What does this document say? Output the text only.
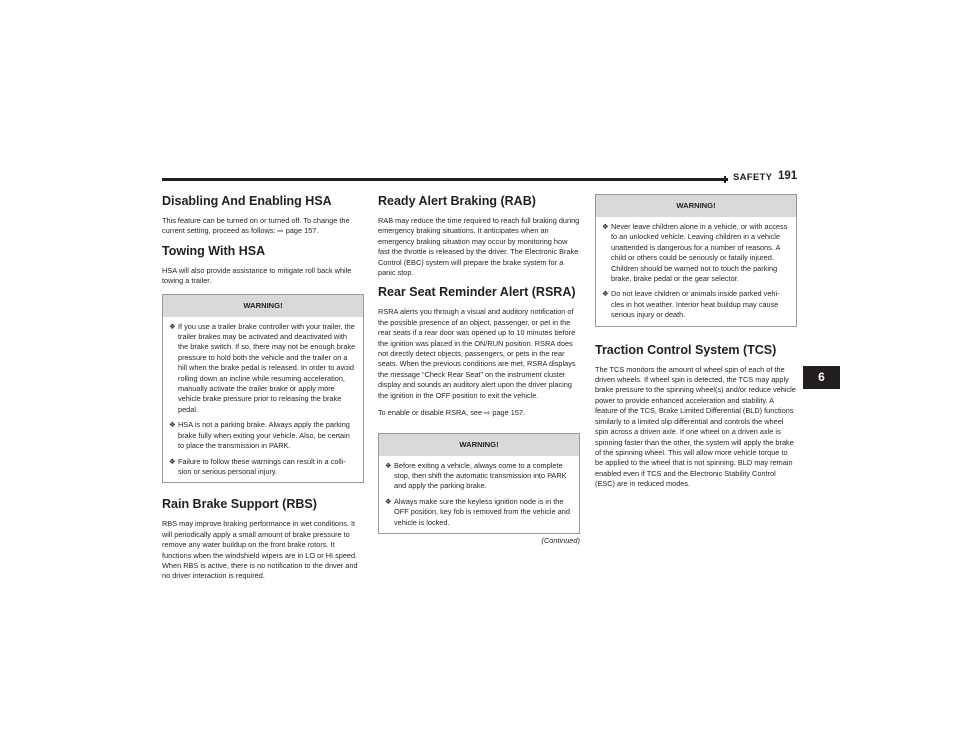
SAFETY 191
Disabling And Enabling HSA

This feature can be turned on or turned off. To change the current setting, proceed as follows: ⇨ page 157.

Towing With HSA

HSA will also provide assistance to mitigate roll back while towing a trailer.

WARNING!
❖ If you use a trailer brake controller with your trailer, the trailer brakes may be activated and deactivated with the brake switch. If so, there may not be enough brake pressure to hold both the vehicle and the trailer on a hill when the brake pedal is released. In order to avoid rolling down an incline while resuming acceleration, manually activate the trailer brake or apply more vehicle brake pressure prior to releasing the brake pedal.
❖ HSA is not a parking brake. Always apply the parking brake fully when exiting your vehicle. Also, be certain to place the transmission in PARK.
❖ Failure to follow these warnings can result in a colli-sion or serious personal injury.
Rain Brake Support (RBS)

RBS may improve braking performance in wet conditions. It will periodically apply a small amount of brake pressure to remove any water buildup on the front brake rotors. It functions when the windshield wipers are in LO or HI speed. When RBS is active, there is no notification to the driver and no driver interaction is required.

Ready Alert Braking (RAB)

RAB may reduce the time required to reach full braking during emergency braking situations. It anticipates when an emergency braking situation may occur by monitoring how fast the throttle is released by the driver. The Electronic Brake Control (EBC) system will prepare the brake system for a panic stop.

Rear Seat Reminder Alert (RSRA)

RSRA alerts you through a visual and auditory notification of the possible presence of an object, passenger, or pet in the rear seats if a rear door was opened up to 10 minutes before the ignition was placed in the ON/RUN position. RSRA does not directly detect objects, passengers, or pets in the rear seats. When the previous conditions are met, RSRA displays the message “Check Rear Seat” on the instrument cluster display and sounds an auditory alert upon the driver placing the ignition in the OFF position to exit the vehicle.

To enable or disable RSRA, see ⇨ page 157.

WARNING!
❖ Before exiting a vehicle, always come to a complete stop, then shift the automatic transmission into PARK and apply the parking brake.
❖ Always make sure the keyless ignition node is in the OFF position, key fob is removed from the vehicle and vehicle is locked.
(Continued)
WARNING!
❖ Never leave children alone in a vehicle, or with access to an unlocked vehicle. Leaving children in a vehicle unattended is dangerous for a number of reasons. A child or others could be seriously or fatally injured. Children should be warned not to touch the parking brake, brake pedal or the gear selector.
❖ Do not leave children or animals inside parked vehi-cles in hot weather. Interior heat buildup may cause serious injury or death.
Traction Control System (TCS)

The TCS monitors the amount of wheel spin of each of the driven wheels. If wheel spin is detected, the TCS may apply brake pressure to the spinning wheel(s) and/or reduce vehicle power to provide enhanced acceleration and stability. A feature of the TCS, Brake Limited Differential (BLD) functions similarly to a limited slip differential and controls the wheel spin across a driven axle. If one wheel on a driven axle is spinning faster than the other, the system will apply the brake of the spinning wheel. This will allow more vehicle torque to be applied to the wheel that is not spinning. BLD may remain enabled even if TCS and the Electronic Stability Control (ESC) are in reduced modes.

6
